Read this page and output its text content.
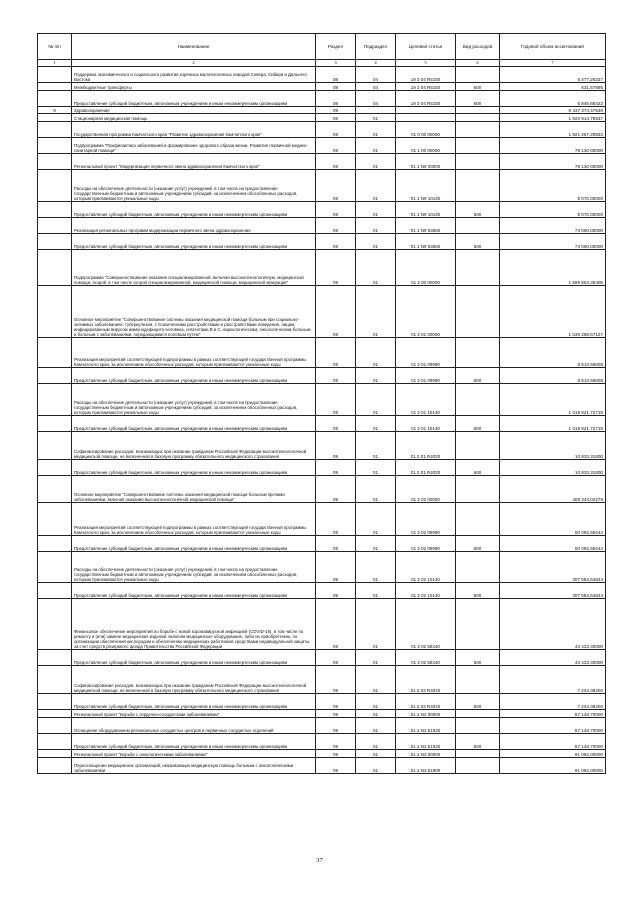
№ п/п	Наименование	Раздел	Подраздел	Целевая статья	Вид расходов	Годовой объем ассигнований
1	2	3	4	5	6	7
	Поддержка экономического и социального развития коренных малочисленных народов Севера, Сибири и Дальнего Востока	08	04	19 3 04 R5150		6 477,26337
	Межбюджетные трансферты	08	04	19 3 04 R5150	500	631,57895
	Предоставление субсидий бюджетным, автономным учреждениям и иным некоммерческим организациям	08	04	19 3 04 R5150	600	5 845,68422
9	Здравоохранение	09				8 437 374,47548
	Стационарная медицинская помощь	09	01			1 923 914,78937
	Государственная программа Камчатского края "Развитие здравоохранения Камчатского края"	09	01	01 0 00 00000		1 921 267,28933
	Подпрограмма "Профилактика заболеваний и формирование здорового образа жизни. Развитие первичной медико-санитарной помощи"	09	01	01 1 00 00000		78 130,00000
	Региональный проект "Модернизация первичного звена здравоохранения Камчатского края"	09	01	01 1 N9 00000		78 130,00000
	Расходы на обеспечение деятельности (оказание услуг) учреждений, в том числе на предоставление государственным бюджетным и автономным учреждениям субсидий, за исключением обособленных расходов, которым присваиваются уникальные коды	09	01	01 1 N9 10140		5 070,00000
	Предоставление субсидий бюджетным, автономным учреждениям и иным некоммерческим организациям	09	01	01 1 N9 10140	600	5 070,00000
	Реализация региональных программ модернизации первичного звена здравоохранения	09	01	01 1 N9 53650		73 060,00000
	Предоставление субсидий бюджетным, автономным учреждениям и иным некоммерческим организациям	09	01	01 1 N9 53650	600	73 060,00000
	Подпрограмма "Совершенствование оказания специализированной, включая высокотехнологичную, медицинской помощи, скорой, в том числе скорой специализированной, медицинской помощи, медицинской эвакуации"	09	01	01 2 00 00000		1 595 853,35405
	Основное мероприятие "Совершенствование системы оказания медицинской помощи больным при социально-значимых заболеваниях: туберкулезом, с психическими расстройствами и расстройствами поведения, лицам, инфицированным вирусом иммунодефицита человека, гепатитами В и С, наркологическим, онкологическим больным и больным с заболеваниями, передающимися половым путем"	09	01	01 2 01 00000		1 039 268,67127
	Реализация мероприятий соответствующей подпрограммы в рамках соответствующей государственной программы Камчатского края, за исключением обособленных расходов, которым присваиваются уникальные коды	09	01	01 2 01 09990		8 513,58608
	Предоставление субсидий бюджетным, автономным учреждениям и иным некоммерческим организациям	09	01	01 2 01 09990	600	8 513,58608
	Расходы на обеспечение деятельности (оказание услуг) учреждений, в том числе на предоставление государственным бюджетным и автономным учреждениям субсидий, за исключением обособленных расходов, которым присваиваются уникальные коды	09	01	01 2 01 10140		1 019 921,72719
	Предоставление субсидий бюджетным, автономным учреждениям и иным некоммерческим организациям	09	01	01 2 01 10140	600	1 019 921,72719
	Софинансирование расходов, возникающих при оказании гражданам Российской Федерации высокотехнологичной медицинской помощи, не включенной в базовую программу обязательного медицинского страхования	09	01	01 2 01 R4020		10 833,31800
	Предоставление субсидий бюджетным, автономным учреждениям и иным некоммерческим организациям	09	01	01 2 01 R4020	600	10 833,31800
	Основное мероприятие "Совершенствование системы оказания медицинской помощи больным прочими заболеваниями, включая оказание высокотехнологичной медицинской помощи"	09	01	01 2 02 00000		408 344,02278
	Реализация мероприятий соответствующей подпрограммы в рамках соответствующей государственной программы Камчатского края, за исключением обособленных расходов, которым присваиваются уникальные коды	09	01	01 2 02 09990		50 082,69244
	Предоставление субсидий бюджетным, автономным учреждениям и иным некоммерческим организациям	09	01	01 2 02 09990	600	50 082,69244
	Расходы на обеспечение деятельности (оказание услуг) учреждений, в том числе на предоставление государственным бюджетным и автономным учреждениям субсидий, за исключением обособленных расходов, которым присваиваются уникальные коды	09	01	01 2 02 10140		307 584,54834
	Предоставление субсидий бюджетным, автономным учреждениям и иным некоммерческим организациям	09	01	01 2 02 10140	600	307 584,54834
	Финансовое обеспечение мероприятий по борьбе с новой коронавирусной инфекцией (COVID-19), в том числе по ремонту и (или) замене медицинских изделий, включая медицинское оборудование, либо их приобретению, по организации обеспечения кислородом и обеспечению медицинских работников средствами индивидуальной защиты, за счет средств резервного фонда Правительства Российской Федерации	09	01	01 2 02 58440		43 433,40000
	Предоставление субсидий бюджетным, автономным учреждениям и иным некоммерческим организациям	09	01	01 2 02 58440	600	43 433,40000
	Софинансирование расходов, возникающих при оказании гражданам Российской Федерации высокотехнологичной медицинской помощи, не включенной в базовую программу обязательного медицинского страхования	09	01	01 2 02 R4020		7 243,38200
	Предоставление субсидий бюджетным, автономным учреждениям и иным некоммерческим организациям	09	01	01 2 02 R4020	600	7 243,38200
	Региональный проект "Борьба с сердечно-сосудистыми заболеваниями"	09	01	01 2 N2 00000		57 148,70000
	Оснащение оборудованием региональных сосудистых центров и первичных сосудистых отделений	09	01	01 2 N2 51920		57 148,70000
	Предоставление субсидий бюджетным, автономным учреждениям и иным некоммерческим организациям	09	01	01 2 N2 51920	600	57 148,70000
	Региональный проект "Борьба с онкологическими заболеваниями"	09	01	01 2 N3 00000		91 092,00000
	Переоснащение медицинских организаций, оказывающих медицинскую помощь больным с онкологическими заболеваниями	09	01	01 2 N3 51900		91 092,00000
37
